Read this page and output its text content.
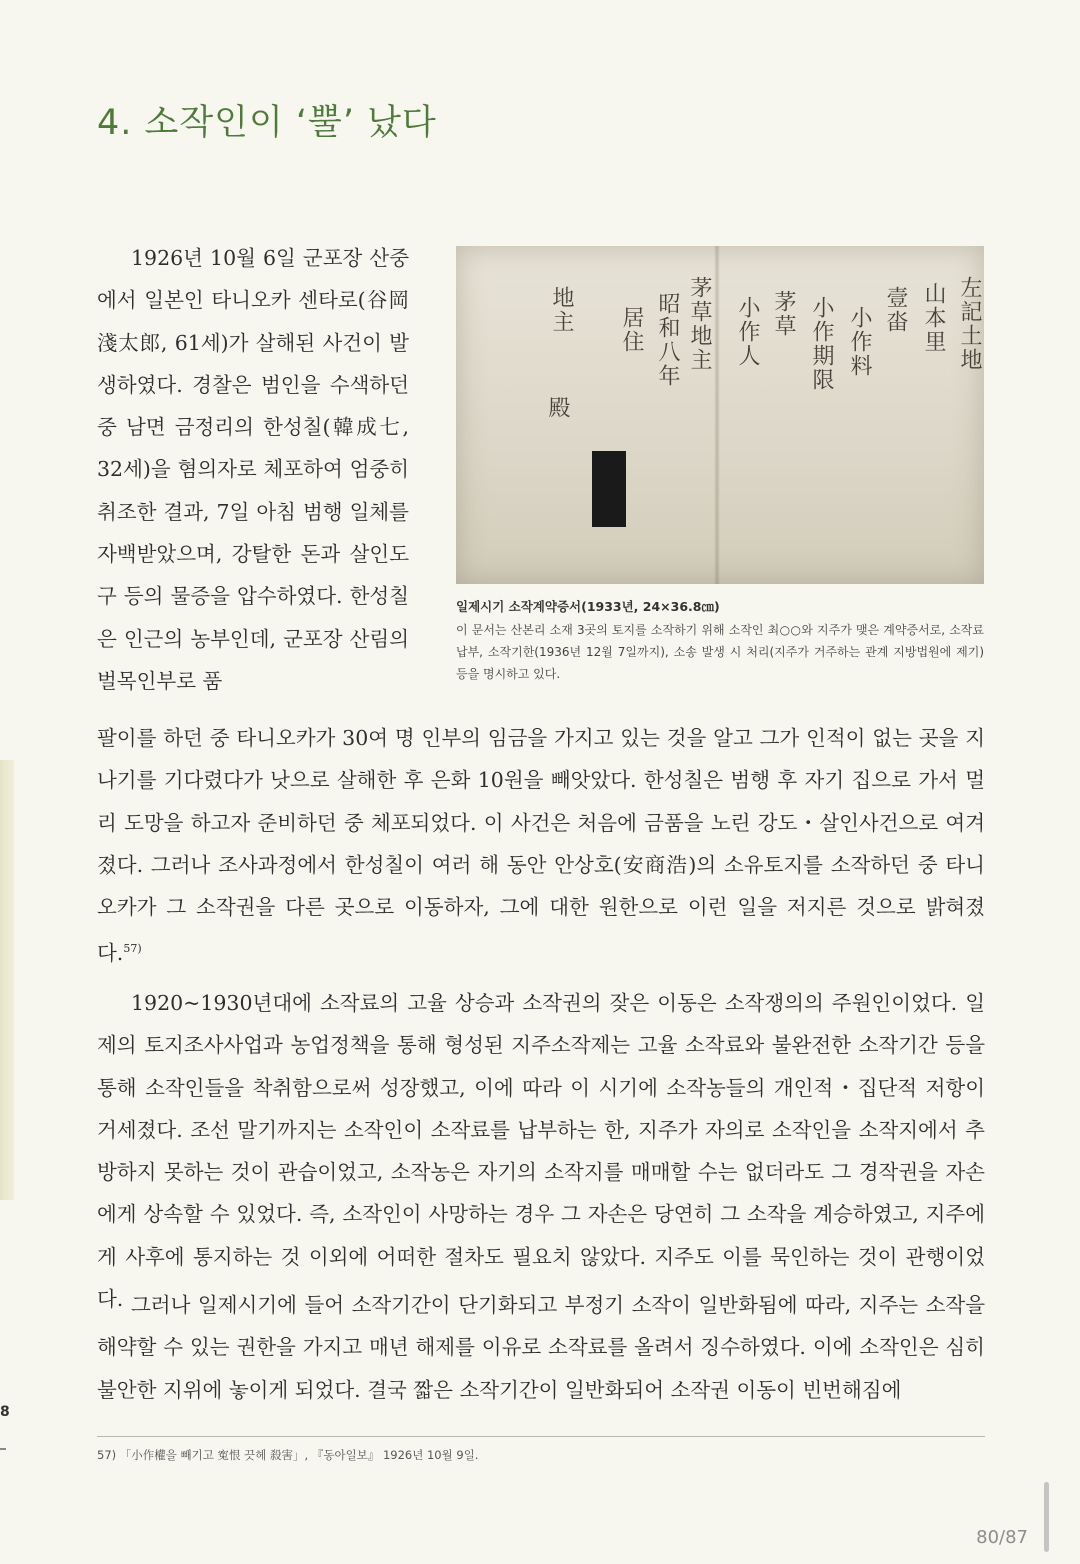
4. 소작인이 ‘뿔’ 났다
1926년 10월 6일 군포장 산중에서 일본인 타니오카 센타로(谷岡淺太郎, 61세)가 살해된 사건이 발생하였다. 경찰은 범인을 수색하던 중 남면 금정리의 한성칠(韓成七, 32세)을 혐의자로 체포하여 엄중히 취조한 결과, 7일 아침 범행 일체를 자백받았으며, 강탈한 돈과 살인도구 등의 물증을 압수하였다. 한성칠은 인근의 농부인데, 군포장 산림의 벌목인부로 품
左記土地
山本里
壹畓
小作料
小作期限
茅草
小作人
茅草地主
昭和八年
居住
地主
殿
일제시기 소작계약증서(1933년, 24×36.8㎝)
이 문서는 산본리 소재 3곳의 토지를 소작하기 위해 소작인 최○○와 지주가 맺은 계약증서로, 소작료 납부, 소작기한(1936년 12월 7일까지), 소송 발생 시 처리(지주가 거주하는 관계 지방법원에 제기) 등을 명시하고 있다.
팔이를 하던 중 타니오카가 30여 명 인부의 임금을 가지고 있는 것을 알고 그가 인적이 없는 곳을 지나기를 기다렸다가 낫으로 살해한 후 은화 10원을 빼앗았다. 한성칠은 범행 후 자기 집으로 가서 멀리 도망을 하고자 준비하던 중 체포되었다. 이 사건은 처음에 금품을 노린 강도・살인사건으로 여겨졌다. 그러나 조사과정에서 한성칠이 여러 해 동안 안상호(安商浩)의 소유토지를 소작하던 중 타니오카가 그 소작권을 다른 곳으로 이동하자, 그에 대한 원한으로 이런 일을 저지른 것으로 밝혀졌다.$^{57)}$
1920~1930년대에 소작료의 고율 상승과 소작권의 잦은 이동은 소작쟁의의 주원인이었다. 일제의 토지조사사업과 농업정책을 통해 형성된 지주소작제는 고율 소작료와 불완전한 소작기간 등을 통해 소작인들을 착취함으로써 성장했고, 이에 따라 이 시기에 소작농들의 개인적・집단적 저항이 거세졌다. 조선 말기까지는 소작인이 소작료를 납부하는 한, 지주가 자의로 소작인을 소작지에서 추방하지 못하는 것이 관습이었고, 소작농은 자기의 소작지를 매매할 수는 없더라도 그 경작권을 자손에게 상속할 수 있었다. 즉, 소작인이 사망하는 경우 그 자손은 당연히 그 소작을 계승하였고, 지주에게 사후에 통지하는 것 이외에 어떠한 절차도 필요치 않았다. 지주도 이를 묵인하는 것이 관행이었다. 그러나 일제시기에 들어 소작기간이 단기화되고 부정기 소작이 일반화됨에 따라, 지주는 소작을 해약할 수 있는 권한을 가지고 매년 해제를 이유로 소작료를 올려서 징수하였다. 이에 소작인은 심히 불안한 지위에 놓이게 되었다. 결국 짧은 소작기간이 일반화되어 소작권 이동이 빈번해짐에
8
57) 「小作權을 빼기고 寃恨 끗헤 殺害」, 『동아일보』 1926년 10월 9일.
80/87
